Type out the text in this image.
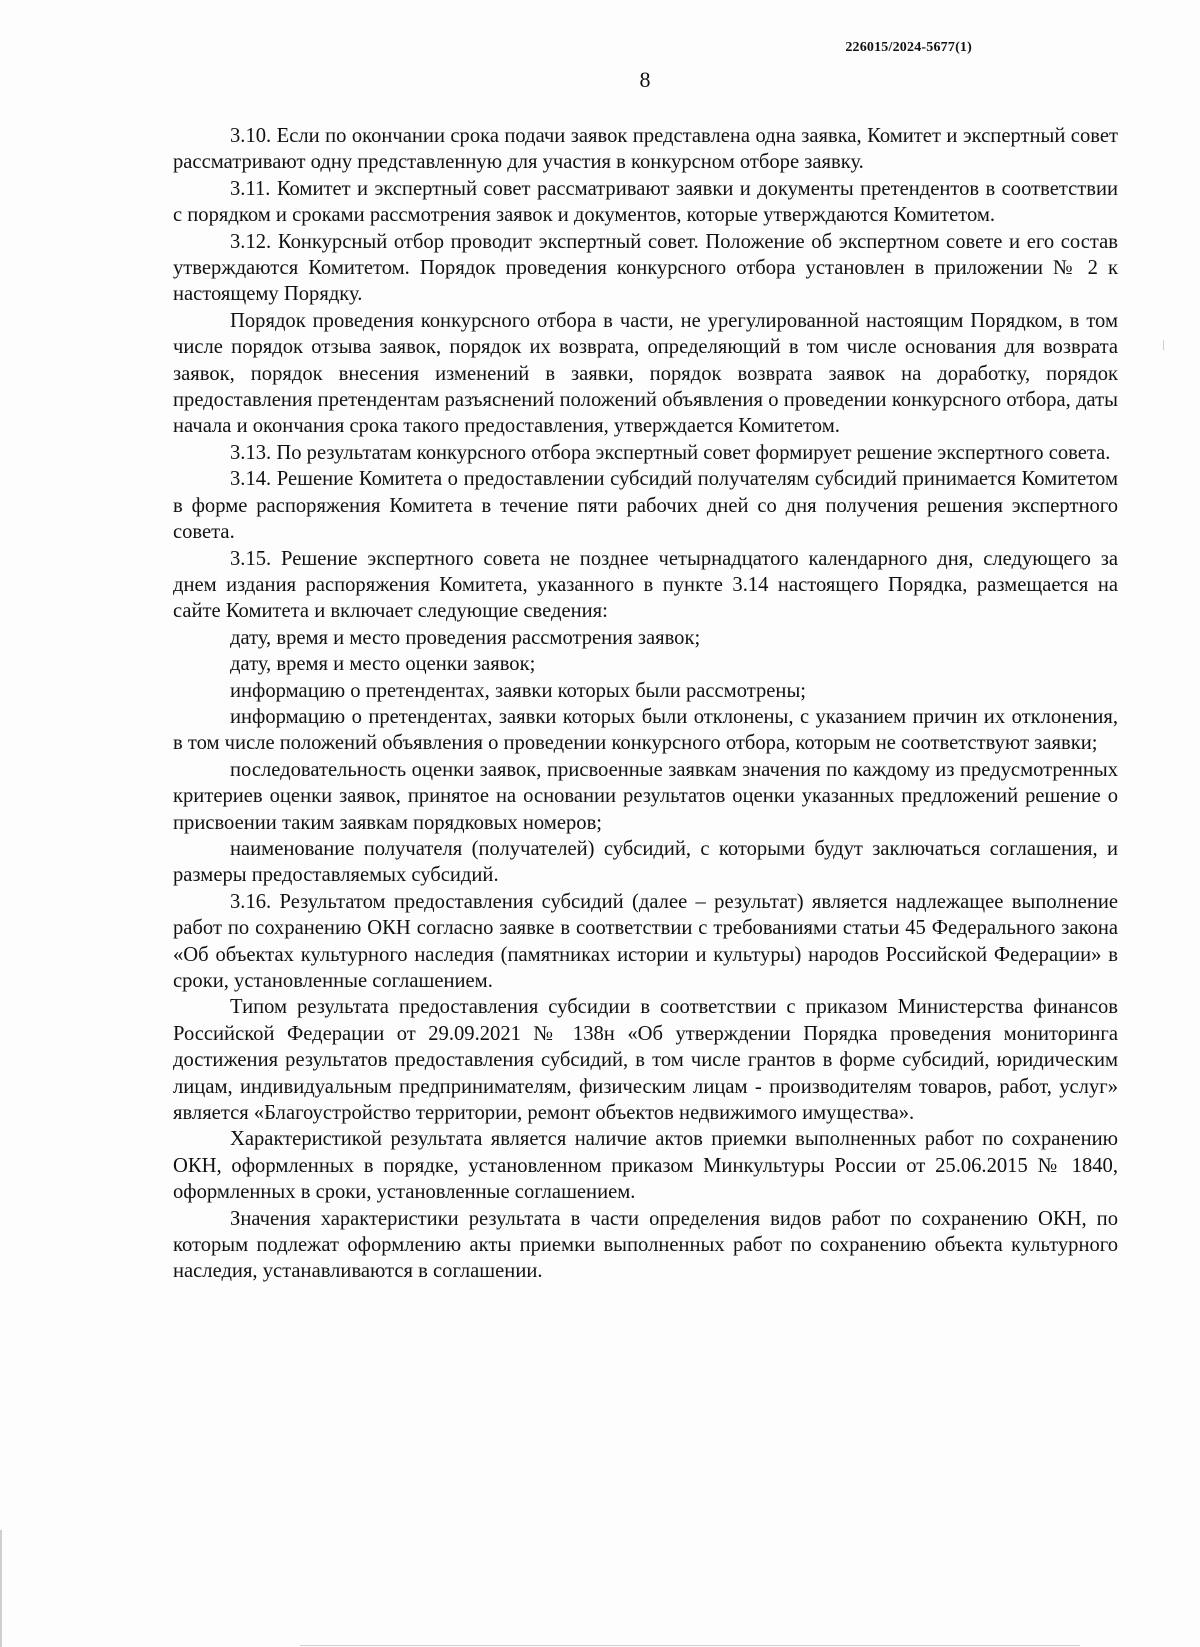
226015/2024-5677(1)
8

3.10. Если по окончании срока подачи заявок представлена одна заявка, Комитет и экспертный совет рассматривают одну представленную для участия в конкурсном отборе заявку.

3.11. Комитет и экспертный совет рассматривают заявки и документы претендентов в соответствии с порядком и сроками рассмотрения заявок и документов, которые утверждаются Комитетом.

3.12. Конкурсный отбор проводит экспертный совет. Положение об экспертном совете и его состав утверждаются Комитетом. Порядок проведения конкурсного отбора установлен в приложении № 2 к настоящему Порядку.

Порядок проведения конкурсного отбора в части, не урегулированной настоящим Порядком, в том числе порядок отзыва заявок, порядок их возврата, определяющий в том числе основания для возврата заявок, порядок внесения изменений в заявки, порядок возврата заявок на доработку, порядок предоставления претендентам разъяснений положений объявления о проведении конкурсного отбора, даты начала и окончания срока такого предоставления, утверждается Комитетом.

3.13. По результатам конкурсного отбора экспертный совет формирует решение экспертного совета.

3.14. Решение Комитета о предоставлении субсидий получателям субсидий принимается Комитетом в форме распоряжения Комитета в течение пяти рабочих дней со дня получения решения экспертного совета.

3.15. Решение экспертного совета не позднее четырнадцатого календарного дня, следующего за днем издания распоряжения Комитета, указанного в пункте 3.14 настоящего Порядка, размещается на сайте Комитета и включает следующие сведения:

дату, время и место проведения рассмотрения заявок;

дату, время и место оценки заявок;

информацию о претендентах, заявки которых были рассмотрены;

информацию о претендентах, заявки которых были отклонены, с указанием причин их отклонения, в том числе положений объявления о проведении конкурсного отбора, которым не соответствуют заявки;

последовательность оценки заявок, присвоенные заявкам значения по каждому из предусмотренных критериев оценки заявок, принятое на основании результатов оценки указанных предложений решение о присвоении таким заявкам порядковых номеров;

наименование получателя (получателей) субсидий, с которыми будут заключаться соглашения, и размеры предоставляемых субсидий.

3.16. Результатом предоставления субсидий (далее – результат) является надлежащее выполнение работ по сохранению ОКН согласно заявке в соответствии с требованиями статьи 45 Федерального закона «Об объектах культурного наследия (памятниках истории и культуры) народов Российской Федерации» в сроки, установленные соглашением.

Типом результата предоставления субсидии в соответствии с приказом Министерства финансов Российской Федерации от 29.09.2021 № 138н «Об утверждении Порядка проведения мониторинга достижения результатов предоставления субсидий, в том числе грантов в форме субсидий, юридическим лицам, индивидуальным предпринимателям, физическим лицам - производителям товаров, работ, услуг» является «Благоустройство территории, ремонт объектов недвижимого имущества».

Характеристикой результата является наличие актов приемки выполненных работ по сохранению ОКН, оформленных в порядке, установленном приказом Минкультуры России от 25.06.2015 № 1840, оформленных в сроки, установленные соглашением.

Значения характеристики результата в части определения видов работ по сохранению ОКН, по которым подлежат оформлению акты приемки выполненных работ по сохранению объекта культурного наследия, устанавливаются в соглашении.
